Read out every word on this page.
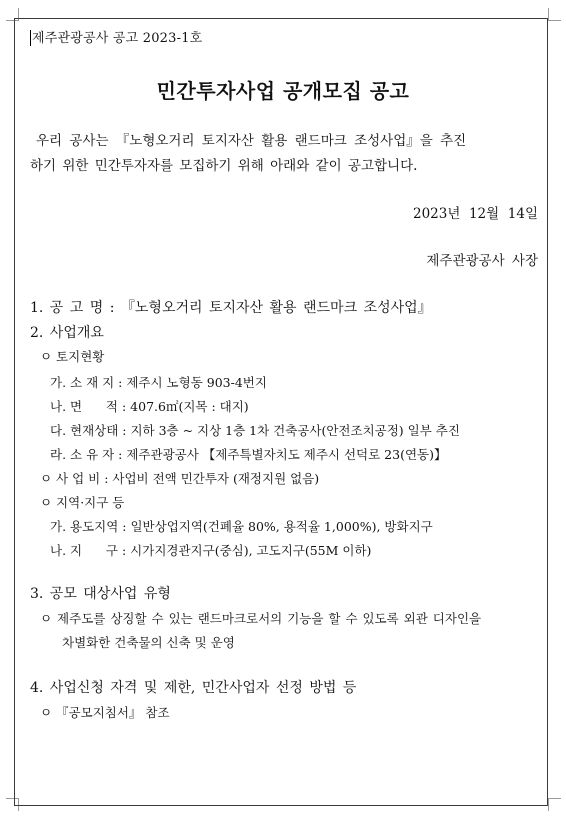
제주관광공사 공고 2023-1호
민간투자사업 공개모집 공고
우리 공사는 『노형오거리 토지자산 활용 랜드마크 조성사업』을 추진
하기 위한 민간투자자를 모집하기 위해 아래와 같이 공고합니다.
2023년  12월  14일
제주관광공사 사장
1. 공 고 명 : 『노형오거리 토지자산 활용 랜드마크 조성사업』
2. 사업개요
ㅇ 토지현황
가. 소 재 지 : 제주시 노형동 903-4번지
나. 면      적 : 407.6㎡(지목 : 대지)
다. 현재상태 : 지하 3층 ~ 지상 1층 1차 건축공사(안전조치공정) 일부 추진
라. 소 유 자 : 제주관광공사 【제주특별자치도 제주시 선덕로 23(연동)】
ㅇ 사 업 비 : 사업비 전액 민간투자 (재정지원 없음)
ㅇ 지역·지구 등
가. 용도지역 : 일반상업지역(건폐율 80%, 용적율 1,000%), 방화지구
나. 지      구 : 시가지경관지구(중심), 고도지구(55M 이하)
3. 공모 대상사업 유형
ㅇ 제주도를 상징할 수 있는 랜드마크로서의 기능을 할 수 있도록 외관 디자인을
차별화한 건축물의 신축 및 운영
4. 사업신청 자격 및 제한, 민간사업자 선정 방법 등
ㅇ 『공모지침서』 참조
